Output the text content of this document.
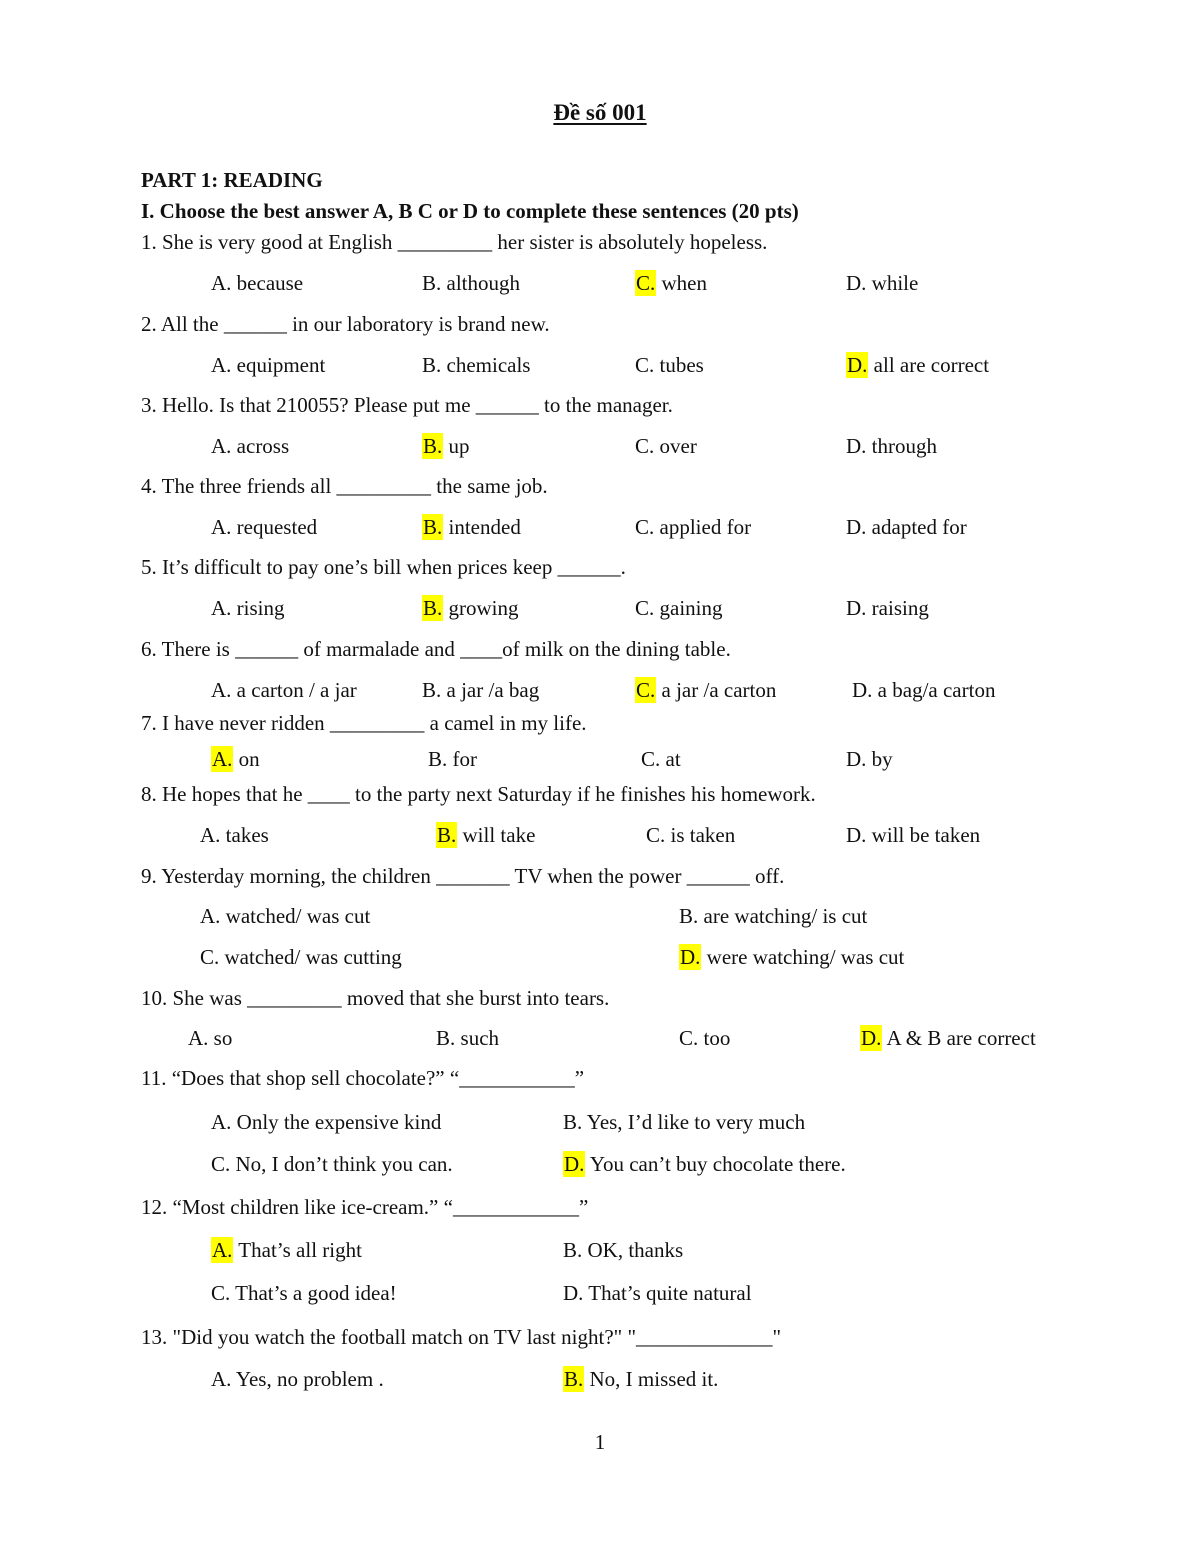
Đề số 001
PART 1: READING
I. Choose the best answer A, B C or D to complete these sentences (20 pts)
1. She is very good at English _________ her sister is absolutely hopeless.
A. because	B. although	C. when	D. while
2. All the ______ in our laboratory is brand new.
A. equipment	B. chemicals	C. tubes	D. all are correct
3. Hello. Is that 210055? Please put me ______ to the manager.
A. across	B. up	C. over	D. through
4. The three friends all _________ the same job.
A. requested	B. intended	C. applied for	D. adapted for
5. It’s difficult to pay one’s bill when prices keep ______.
A. rising	B. growing	C. gaining	D. raising
6. There is ______ of marmalade and ____of milk on the dining table.
A. a carton / a jar	B. a jar /a bag	C. a jar /a carton	D. a bag/a carton
7. I have never ridden _________ a camel in my life.
A. on	B. for	C. at	D. by
8. He hopes that he ____ to the party next Saturday if he finishes his homework.
A. takes	B. will take	C. is taken	D. will be taken
9. Yesterday morning, the children _______ TV when the power ______ off.
A. watched/ was cut	B. are watching/ is cut
C. watched/ was cutting	D. were watching/ was cut
10. She was _________ moved that she burst into tears.
A. so	B. such	C. too	D. A & B are correct
11. “Does that shop sell chocolate?” “___________”
A. Only the expensive kind	B. Yes, I’d like to very much
C. No, I don’t think you can.	D. You can’t buy chocolate there.
12. “Most children like ice-cream.” “____________”
A. That’s all right	B. OK, thanks
C. That’s a good idea!	D. That’s quite natural
13. "Did you watch the football match on TV last night?" "_____________"
A. Yes, no problem .	B. No, I missed it.
1
